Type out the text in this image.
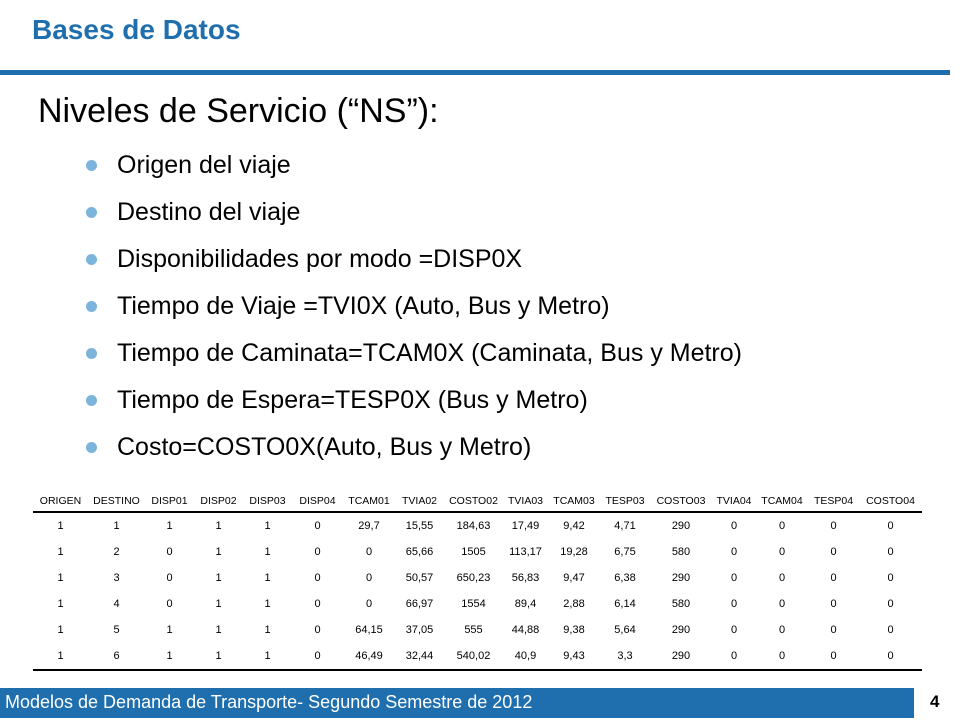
Bases de Datos
Niveles de Servicio (“NS”):
Origen del viaje
Destino del viaje
Disponibilidades por modo =DISP0X
Tiempo de Viaje =TVI0X (Auto, Bus y Metro)
Tiempo de Caminata=TCAM0X (Caminata, Bus y Metro)
Tiempo de Espera=TESP0X (Bus y Metro)
Costo=COSTO0X(Auto, Bus y Metro)
ORIGEN	DESTINO	DISP01	DISP02	DISP03	DISP04	TCAM01	TVIA02	COSTO02	TVIA03	TCAM03	TESP03	COSTO03	TVIA04	TCAM04	TESP04	COSTO04
1	1	1	1	1	0	29,7	15,55	184,63	17,49	9,42	4,71	290	0	0	0	0
1	2	0	1	1	0	0	65,66	1505	113,17	19,28	6,75	580	0	0	0	0
1	3	0	1	1	0	0	50,57	650,23	56,83	9,47	6,38	290	0	0	0	0
1	4	0	1	1	0	0	66,97	1554	89,4	2,88	6,14	580	0	0	0	0
1	5	1	1	1	0	64,15	37,05	555	44,88	9,38	5,64	290	0	0	0	0
1	6	1	1	1	0	46,49	32,44	540,02	40,9	9,43	3,3	290	0	0	0	0
Modelos de Demanda de Transporte- Segundo Semestre de 2012	4
